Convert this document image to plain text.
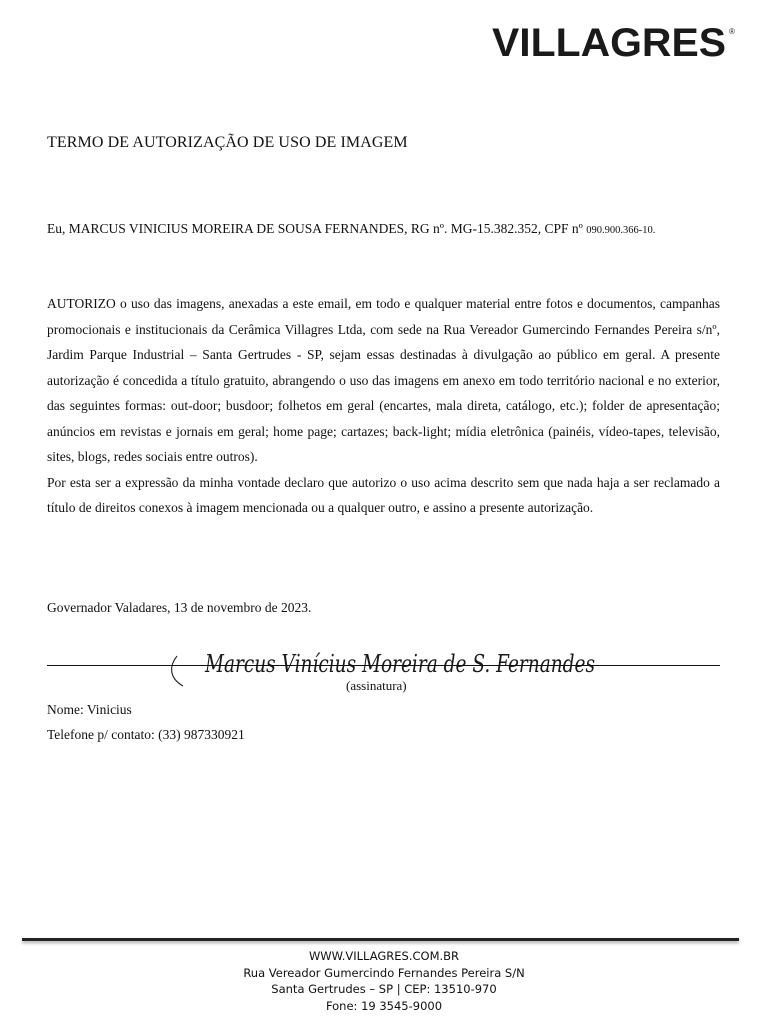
VILLAGRES ®
TERMO DE AUTORIZAÇÃO DE USO DE IMAGEM
Eu, MARCUS VINICIUS MOREIRA DE SOUSA FERNANDES, RG nº. MG-15.382.352, CPF nº 090.900.366-10.

AUTORIZO o uso das imagens, anexadas a este email, em todo e qualquer material entre fotos e documentos, campanhas promocionais e institucionais da Cerâmica Villagres Ltda, com sede na Rua Vereador Gumercindo Fernandes Pereira s/nº, Jardim Parque Industrial – Santa Gertrudes - SP, sejam essas destinadas à divulgação ao público em geral. A presente autorização é concedida a título gratuito, abrangendo o uso das imagens em anexo em todo território nacional e no exterior, das seguintes formas: out-door; busdoor; folhetos em geral (encartes, mala direta, catálogo, etc.); folder de apresentação; anúncios em revistas e jornais em geral; home page; cartazes; back-light; mídia eletrônica (painéis, vídeo-tapes, televisão, sites, blogs, redes sociais entre outros).

Por esta ser a expressão da minha vontade declaro que autorizo o uso acima descrito sem que nada haja a ser reclamado a título de direitos conexos à imagem mencionada ou a qualquer outro, e assino a presente autorização.

Governador Valadares, 13 de novembro de 2023.
Marcus Vinícius Moreira de S. Fernandes
(assinatura)
Nome: Vinicius
Telefone p/ contato: (33) 987330921
WWW.VILLAGRES.COM.BR
Rua Vereador Gumercindo Fernandes Pereira S/N
Santa Gertrudes – SP | CEP: 13510-970
Fone: 19 3545-9000
